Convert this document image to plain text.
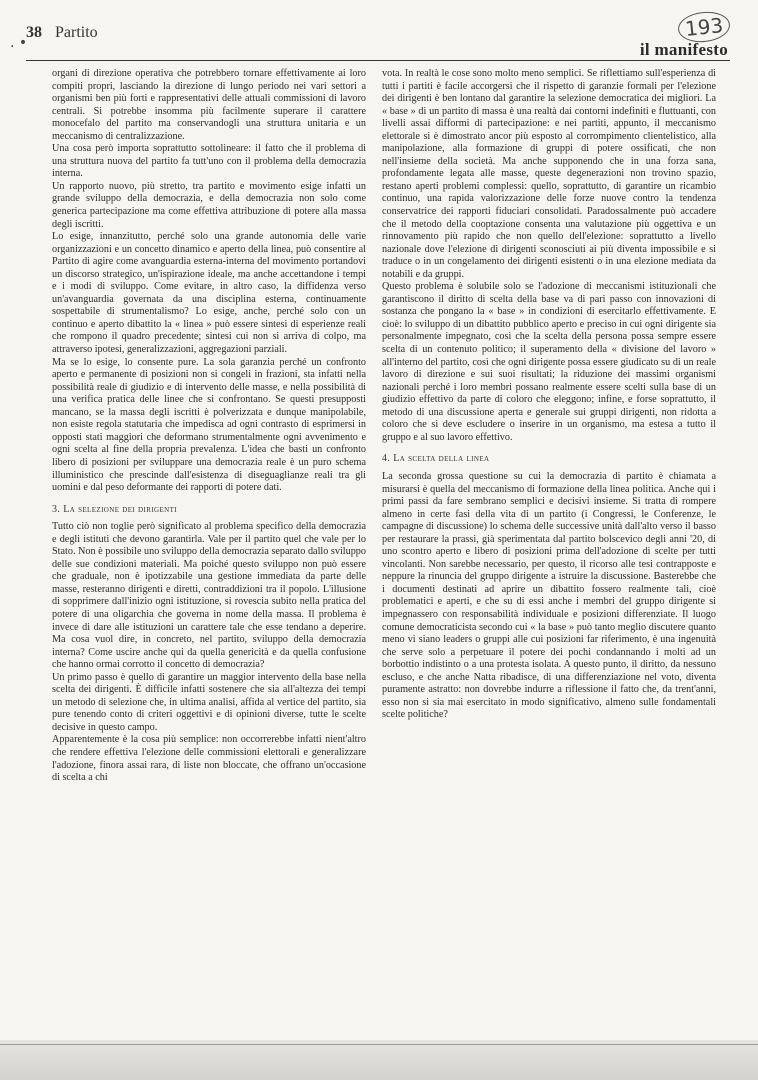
. •
38 Partito	193
il manifesto

organi di direzione operativa che potrebbero tornare effettivamente ai loro compiti propri, lasciando la direzione di lungo periodo nei vari settori a organismi ben più forti e rappresentativi delle attuali commissioni di lavoro centrali. Si potrebbe insomma più facilmente superare il carattere monocefalo del partito ma conservandogli una struttura unitaria e un meccanismo di centralizzazione.

Una cosa però importa soprattutto sottolineare: il fatto che il problema di una struttura nuova del partito fa tutt'uno con il problema della democrazia interna.

Un rapporto nuovo, più stretto, tra partito e movimento esige infatti un grande sviluppo della democrazia, e della democrazia non solo come generica partecipazione ma come effettiva attribuzione di potere alla massa degli iscritti.

Lo esige, innanzitutto, perché solo una grande autonomia delle varie organizzazioni e un concetto dinamico e aperto della linea, può consentire al Partito di agire come avanguardia esterna-interna del movimento portandovi un discorso strategico, un'ispirazione ideale, ma anche accettandone i tempi e i modi di sviluppo. Come evitare, in altro caso, la diffidenza verso un'avanguardia governata da una disciplina esterna, continuamente sospettabile di strumentalismo? Lo esige, anche, perché solo con un continuo e aperto dibattito la « linea » può essere sintesi di esperienze reali che rompono il quadro precedente; sintesi cui non si arriva di colpo, ma attraverso ipotesi, generalizzazioni, aggregazioni parziali.

Ma se lo esige, lo consente pure. La sola garanzia perché un confronto aperto e permanente di posizioni non si congeli in frazioni, sta infatti nella possibilità reale di giudizio e di intervento delle masse, e nella possibilità di una verifica pratica delle linee che si confrontano. Se questi presupposti mancano, se la massa degli iscritti è polverizzata e dunque manipolabile, non esiste regola statutaria che impedisca ad ogni contrasto di esprimersi in opposti stati maggiori che deformano strumentalmente ogni avvenimento e ogni scelta al fine della propria prevalenza. L'idea che basti un confronto libero di posizioni per sviluppare una democrazia reale è un puro schema illuministico che prescinde dall'esistenza di diseguaglianze reali tra gli uomini e dal peso deformante dei rapporti di potere dati.

3. La selezione dei dirigenti

Tutto ciò non toglie però significato al problema specifico della democrazia e degli istituti che devono garantirla. Vale per il partito quel che vale per lo Stato. Non è possibile uno sviluppo della democrazia separato dallo sviluppo delle sue condizioni materiali. Ma poiché questo sviluppo non può essere che graduale, non è ipotizzabile una gestione immediata da parte delle masse, resteranno dirigenti e diretti, contraddizioni tra il popolo. L'illusione di sopprimere dall'inizio ogni istituzione, si rovescia subito nella pratica del potere di una oligarchia che governa in nome della massa. Il problema è invece di dare alle istituzioni un carattere tale che esse tendano a deperire. Ma cosa vuol dire, in concreto, nel partito, sviluppo della democrazia interna? Come uscire anche qui da quella genericità e da quella confusione che hanno ormai corrotto il concetto di democrazia?

Un primo passo è quello di garantire un maggior intervento della base nella scelta dei dirigenti. È difficile infatti sostenere che sia all'altezza dei tempi un metodo di selezione che, in ultima analisi, affida al vertice del partito, sia pure tenendo conto di criteri oggettivi e di opinioni diverse, tutte le scelte decisive in questo campo.

Apparentemente è la cosa più semplice: non occorrerebbe infatti nient'altro che rendere effettiva l'elezione delle commissioni elettorali e generalizzare l'adozione, finora assai rara, di liste non bloccate, che offrano un'occasione di scelta a chi

vota. In realtà le cose sono molto meno semplici. Se riflettiamo sull'esperienza di tutti i partiti è facile accorgersi che il rispetto di garanzie formali per l'elezione dei dirigenti è ben lontano dal garantire la selezione democratica dei migliori. La « base » di un partito di massa è una realtà dai contorni indefiniti e fluttuanti, con livelli assai difformi di partecipazione: e nei partiti, appunto, il meccanismo elettorale si è dimostrato ancor più esposto al corrompimento clientelistico, alla manipolazione, alla formazione di gruppi di potere ossificati, che non nell'insieme della società. Ma anche supponendo che in una forza sana, profondamente legata alle masse, queste degenerazioni non trovino spazio, restano aperti problemi complessi: quello, soprattutto, di garantire un ricambio continuo, una rapida valorizzazione delle forze nuove contro la tendenza conservatrice dei rapporti fiduciari consolidati. Paradossalmente può accadere che il metodo della cooptazione consenta una valutazione più oggettiva e un rinnovamento più rapido che non quello dell'elezione: soprattutto a livello nazionale dove l'elezione di dirigenti sconosciuti ai più diventa impossibile e si traduce o in un congelamento dei dirigenti esistenti o in una elezione mediata da notabili e da gruppi.

Questo problema è solubile solo se l'adozione di meccanismi istituzionali che garantiscono il diritto di scelta della base va di pari passo con innovazioni di sostanza che pongano la « base » in condizioni di esercitarlo effettivamente. E cioè: lo sviluppo di un dibattito pubblico aperto e preciso in cui ogni dirigente sia personalmente impegnato, così che la scelta della persona possa sempre essere scelta di un contenuto politico; il superamento della « divisione del lavoro » all'interno del partito, così che ogni dirigente possa essere giudicato su di un reale lavoro di direzione e sui suoi risultati; la riduzione dei massimi organismi nazionali perché i loro membri possano realmente essere scelti sulla base di un giudizio effettivo da parte di coloro che eleggono; infine, e forse soprattutto, il metodo di una discussione aperta e generale sui gruppi dirigenti, non ridotta a coloro che si deve escludere o inserire in un organismo, ma estesa a tutto il gruppo e al suo lavoro effettivo.

4. La scelta della linea

La seconda grossa questione su cui la democrazia di partito è chiamata a misurarsi è quella del meccanismo di formazione della linea politica. Anche qui i primi passi da fare sembrano semplici e decisivi insieme. Si tratta di rompere almeno in certe fasi della vita di un partito (i Congressi, le Conferenze, le campagne di discussione) lo schema delle successive unità dall'alto verso il basso per restaurare la prassi, già sperimentata dal partito bolscevico degli anni '20, di uno scontro aperto e libero di posizioni prima dell'adozione di scelte per tutti vincolanti. Non sarebbe necessario, per questo, il ricorso alle tesi contrapposte e neppure la rinuncia del gruppo dirigente a istruire la discussione. Basterebbe che i documenti destinati ad aprire un dibattito fossero realmente tali, cioè problematici e aperti, e che su di essi anche i membri del gruppo dirigente si impegnassero con responsabilità individuale e posizioni differenziate. Il luogo comune democraticista secondo cui « la base » può tanto meglio discutere quanto meno vi siano leaders o gruppi alle cui posizioni far riferimento, è una ingenuità che serve solo a perpetuare il potere dei pochi condannando i molti ad un borbottio indistinto o a una protesta isolata. A questo punto, il diritto, da nessuno escluso, e che anche Natta ribadisce, di una differenziazione nel voto, diventa puramente astratto: non dovrebbe indurre a riflessione il fatto che, da trent'anni, esso non si sia mai esercitato in modo significativo, almeno sulle fondamentali scelte politiche?
